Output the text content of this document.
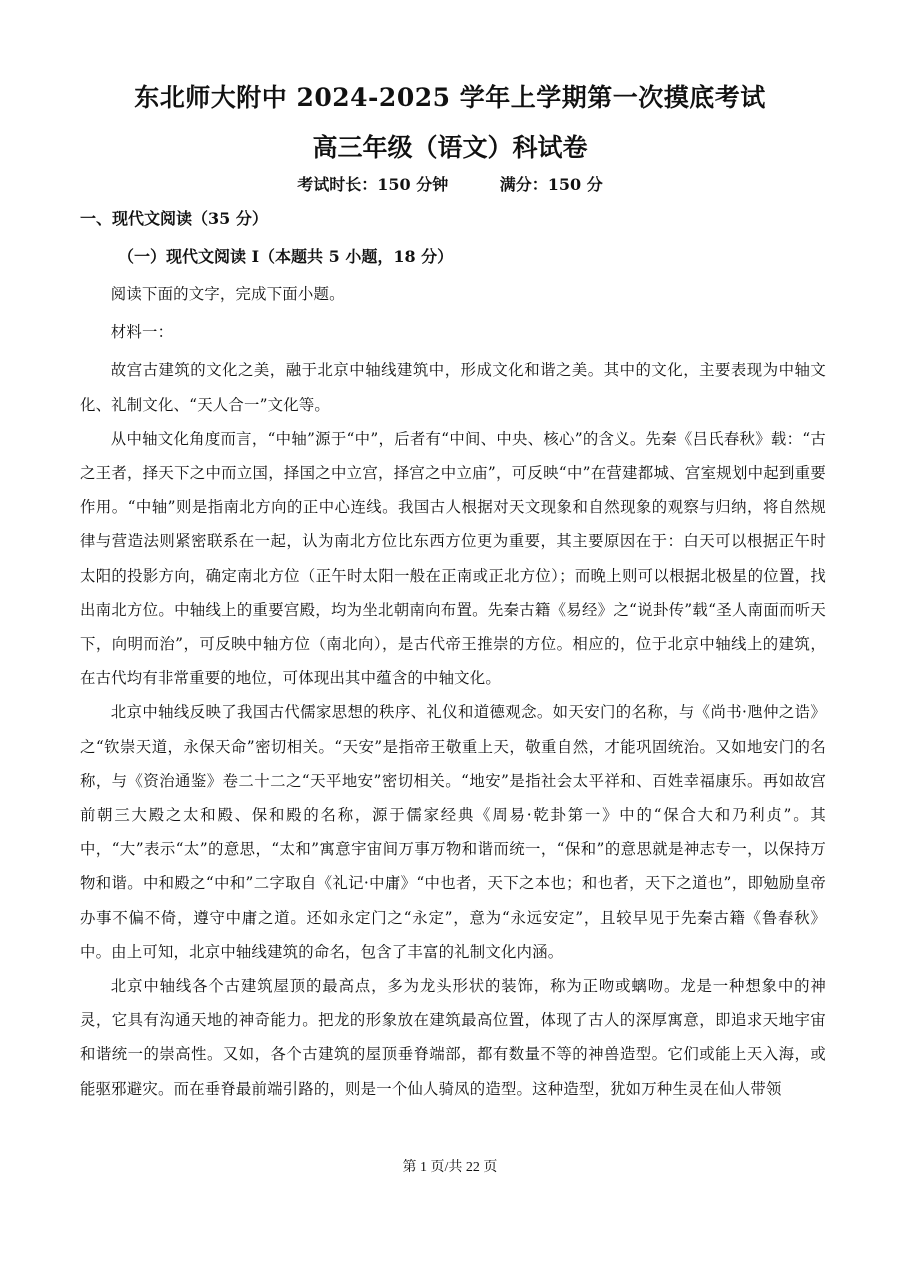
东北师大附中 2024-2025 学年上学期第一次摸底考试
高三年级（语文）科试卷
考试时长：150 分钟	满分：150 分
一、现代文阅读（35 分）
（一）现代文阅读 I（本题共 5 小题，18 分）

阅读下面的文字，完成下面小题。

材料一：

故宫古建筑的文化之美，融于北京中轴线建筑中，形成文化和谐之美。其中的文化，主要表现为中轴文化、礼制文化、“天人合一”文化等。

从中轴文化角度而言，“中轴”源于“中”，后者有“中间、中央、核心”的含义。先秦《吕氏春秋》载：“古之王者，择天下之中而立国，择国之中立宫，择宫之中立庙”，可反映“中”在营建都城、宫室规划中起到重要作用。“中轴”则是指南北方向的正中心连线。我国古人根据对天文现象和自然现象的观察与归纳，将自然规律与营造法则紧密联系在一起，认为南北方位比东西方位更为重要，其主要原因在于：白天可以根据正午时太阳的投影方向，确定南北方位（正午时太阳一般在正南或正北方位）；而晚上则可以根据北极星的位置，找出南北方位。中轴线上的重要宫殿，均为坐北朝南向布置。先秦古籍《易经》之“说卦传”载“圣人南面而听天下，向明而治”，可反映中轴方位（南北向），是古代帝王推崇的方位。相应的，位于北京中轴线上的建筑，在古代均有非常重要的地位，可体现出其中蕴含的中轴文化。

北京中轴线反映了我国古代儒家思想的秩序、礼仪和道德观念。如天安门的名称，与《尚书·虺仲之诰》之“钦崇天道，永保天命”密切相关。“天安”是指帝王敬重上天，敬重自然，才能巩固统治。又如地安门的名称，与《资治通鉴》卷二十二之“天平地安”密切相关。“地安”是指社会太平祥和、百姓幸福康乐。再如故宫前朝三大殿之太和殿、保和殿的名称，源于儒家经典《周易·乾卦第一》中的“保合大和乃利贞”。其中，“大”表示“太”的意思，“太和”寓意宇宙间万事万物和谐而统一，“保和”的意思就是神志专一，以保持万物和谐。中和殿之“中和”二字取自《礼记·中庸》“中也者，天下之本也；和也者，天下之道也”，即勉励皇帝办事不偏不倚，遵守中庸之道。还如永定门之“永定”，意为“永远安定”，且较早见于先秦古籍《鲁春秋》中。由上可知，北京中轴线建筑的命名，包含了丰富的礼制文化内涵。

北京中轴线各个古建筑屋顶的最高点，多为龙头形状的装饰，称为正吻或螭吻。龙是一种想象中的神灵，它具有沟通天地的神奇能力。把龙的形象放在建筑最高位置，体现了古人的深厚寓意，即追求天地宇宙和谐统一的崇高性。又如，各个古建筑的屋顶垂脊端部，都有数量不等的神兽造型。它们或能上天入海，或能驱邪避灾。而在垂脊最前端引路的，则是一个仙人骑凤的造型。这种造型，犹如万种生灵在仙人带领

第 1 页/共 22 页
